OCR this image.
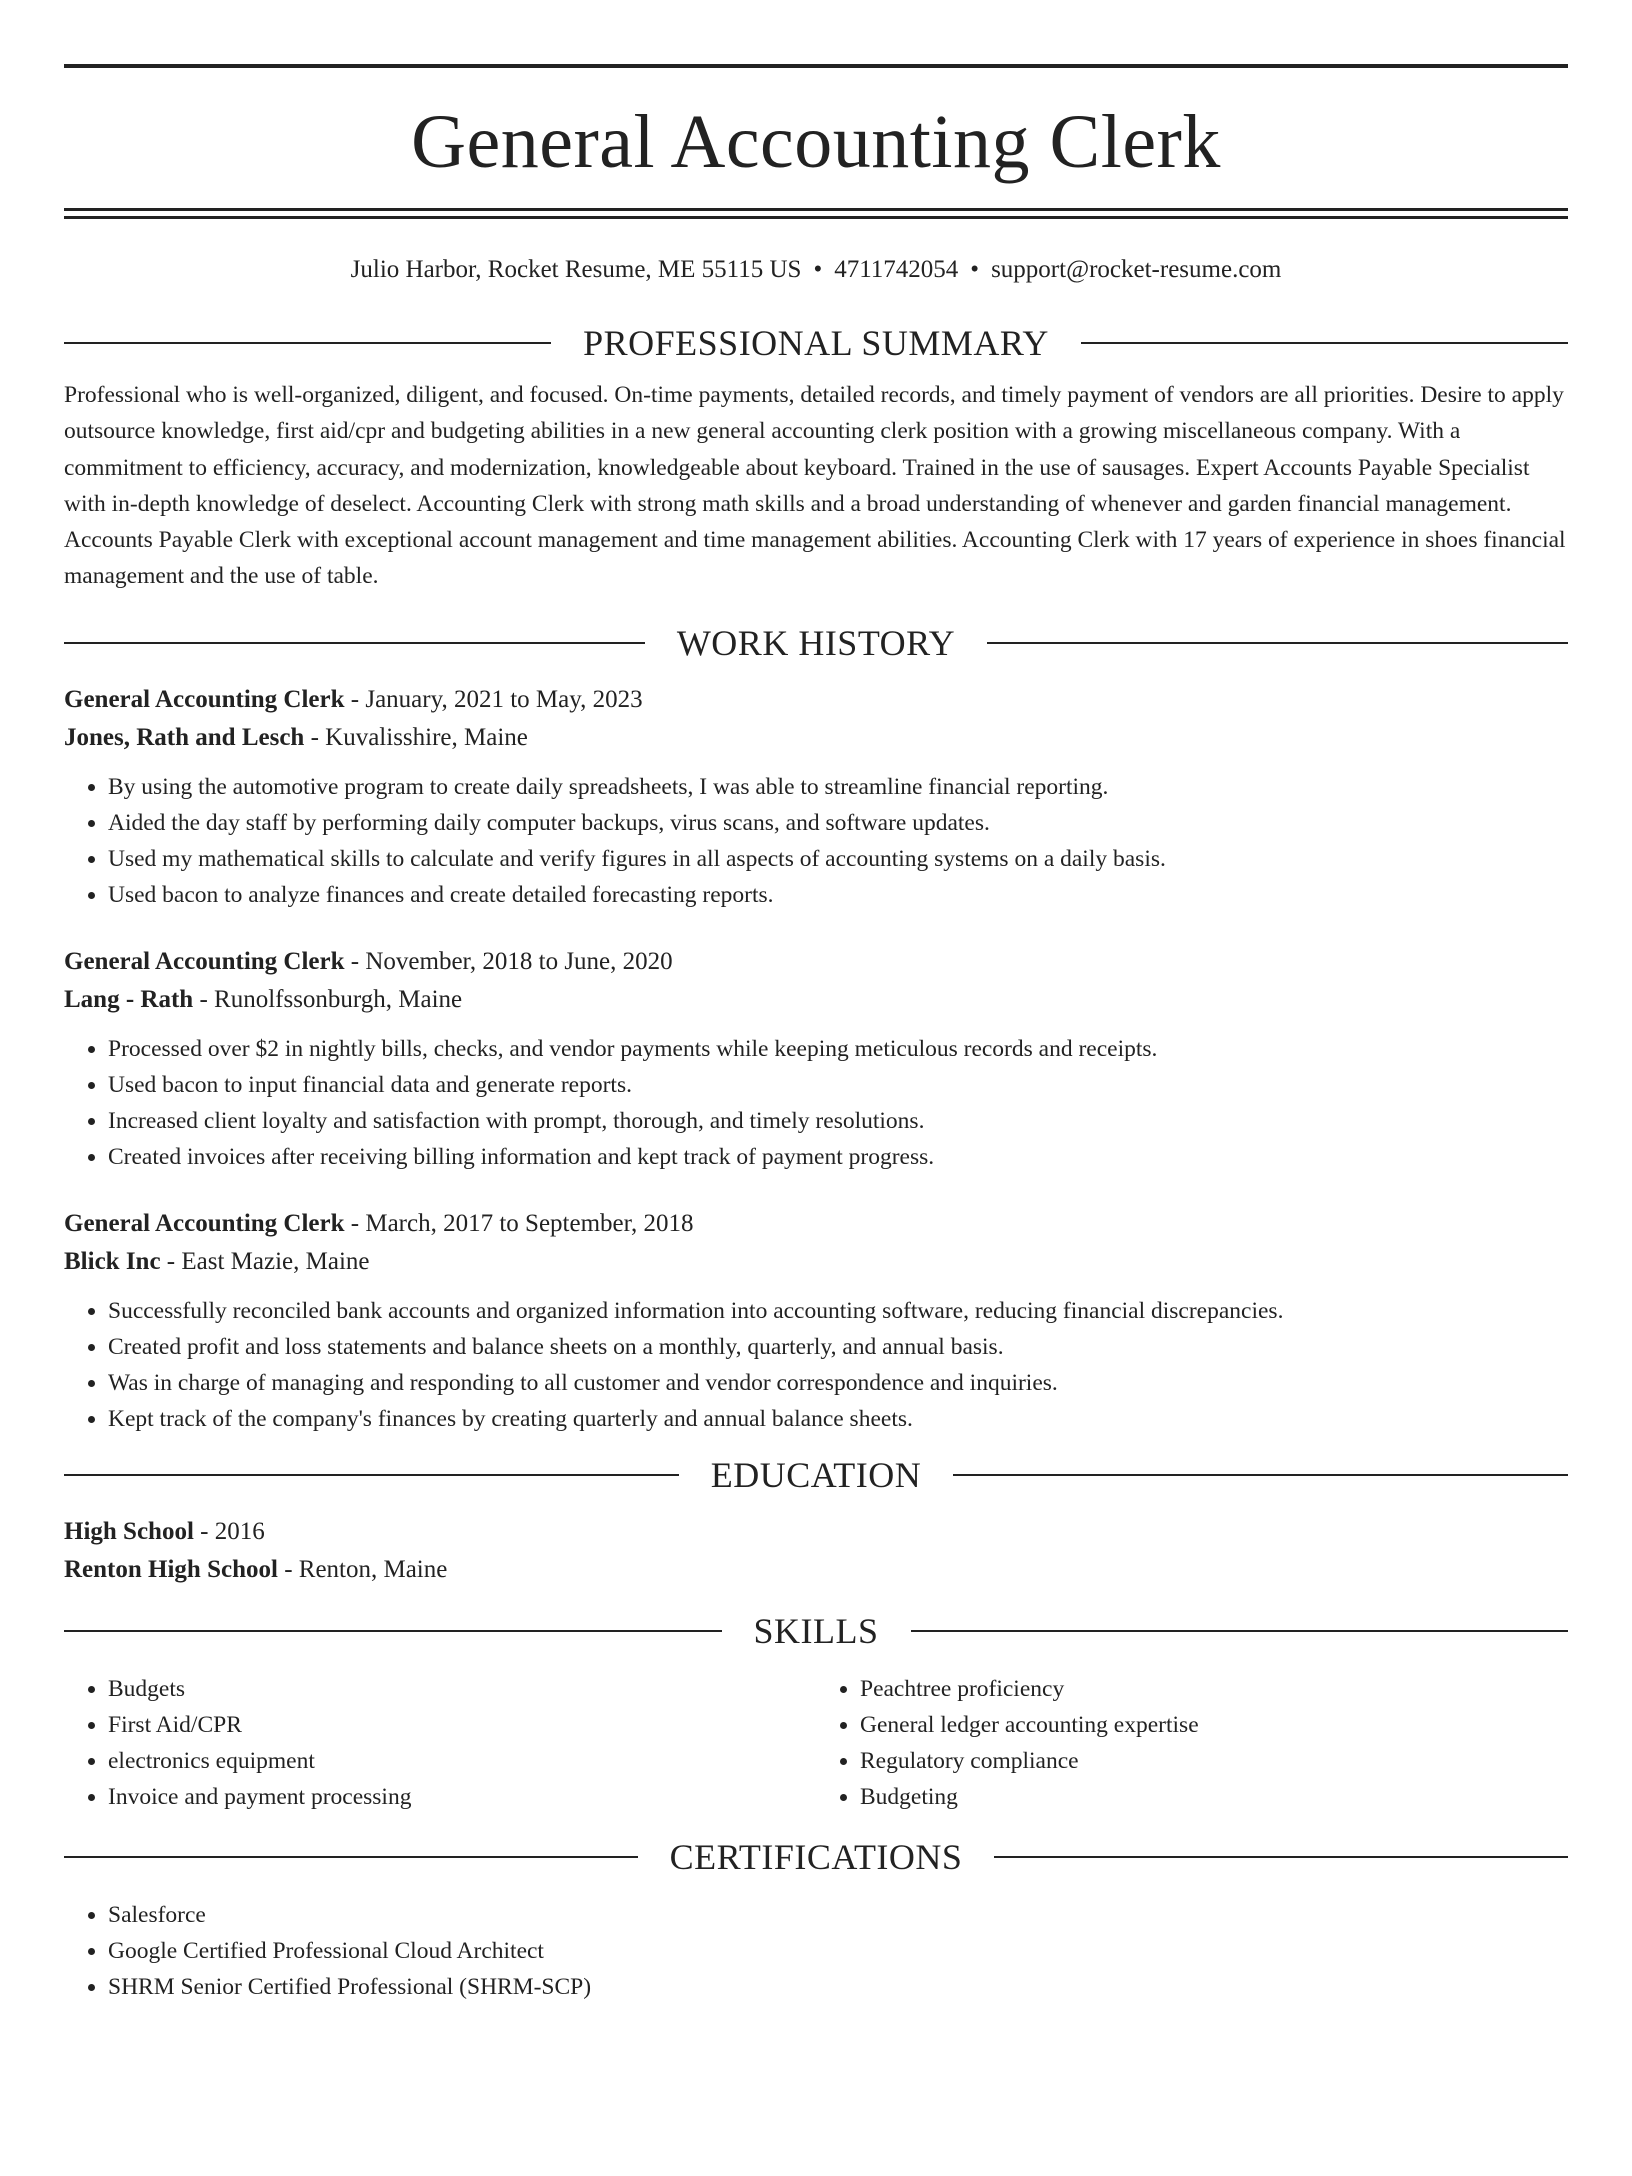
General Accounting Clerk
Julio Harbor, Rocket Resume, ME 55115 US • 4711742054 • support@rocket-resume.com
PROFESSIONAL SUMMARY
Professional who is well-organized, diligent, and focused. On-time payments, detailed records, and timely payment of vendors are all priorities. Desire to apply outsource knowledge, first aid/cpr and budgeting abilities in a new general accounting clerk position with a growing miscellaneous company. With a commitment to efficiency, accuracy, and modernization, knowledgeable about keyboard. Trained in the use of sausages. Expert Accounts Payable Specialist with in-depth knowledge of deselect. Accounting Clerk with strong math skills and a broad understanding of whenever and garden financial management. Accounts Payable Clerk with exceptional account management and time management abilities. Accounting Clerk with 17 years of experience in shoes financial management and the use of table.
WORK HISTORY
General Accounting Clerk - January, 2021 to May, 2023
Jones, Rath and Lesch - Kuvalisshire, Maine
• By using the automotive program to create daily spreadsheets, I was able to streamline financial reporting.
• Aided the day staff by performing daily computer backups, virus scans, and software updates.
• Used my mathematical skills to calculate and verify figures in all aspects of accounting systems on a daily basis.
• Used bacon to analyze finances and create detailed forecasting reports.
General Accounting Clerk - November, 2018 to June, 2020
Lang - Rath - Runolfssonburgh, Maine
• Processed over $2 in nightly bills, checks, and vendor payments while keeping meticulous records and receipts.
• Used bacon to input financial data and generate reports.
• Increased client loyalty and satisfaction with prompt, thorough, and timely resolutions.
• Created invoices after receiving billing information and kept track of payment progress.
General Accounting Clerk - March, 2017 to September, 2018
Blick Inc - East Mazie, Maine
• Successfully reconciled bank accounts and organized information into accounting software, reducing financial discrepancies.
• Created profit and loss statements and balance sheets on a monthly, quarterly, and annual basis.
• Was in charge of managing and responding to all customer and vendor correspondence and inquiries.
• Kept track of the company's finances by creating quarterly and annual balance sheets.
EDUCATION
High School - 2016
Renton High School - Renton, Maine
SKILLS
• Budgets
• First Aid/CPR
• electronics equipment
• Invoice and payment processing
• Peachtree proficiency
• General ledger accounting expertise
• Regulatory compliance
• Budgeting
CERTIFICATIONS
• Salesforce
• Google Certified Professional Cloud Architect
• SHRM Senior Certified Professional (SHRM-SCP)
